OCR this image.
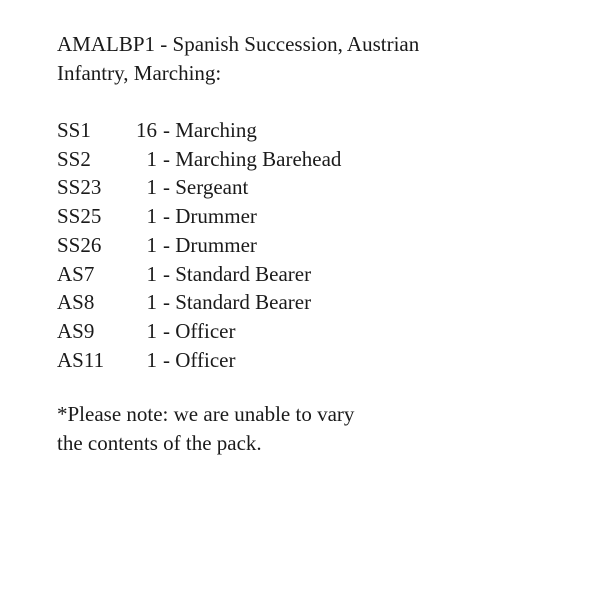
AMALBP1 - Spanish Succession, Austrian
Infantry, Marching:
SS1	16 - Marching
SS2	1 - Marching Barehead
SS23	1 - Sergeant
SS25	1 - Drummer
SS26	1 - Drummer
AS7	1 - Standard Bearer
AS8	1 - Standard Bearer
AS9	1 - Officer
AS11	1 - Officer
*Please note: we are unable to vary
the contents of the pack.
